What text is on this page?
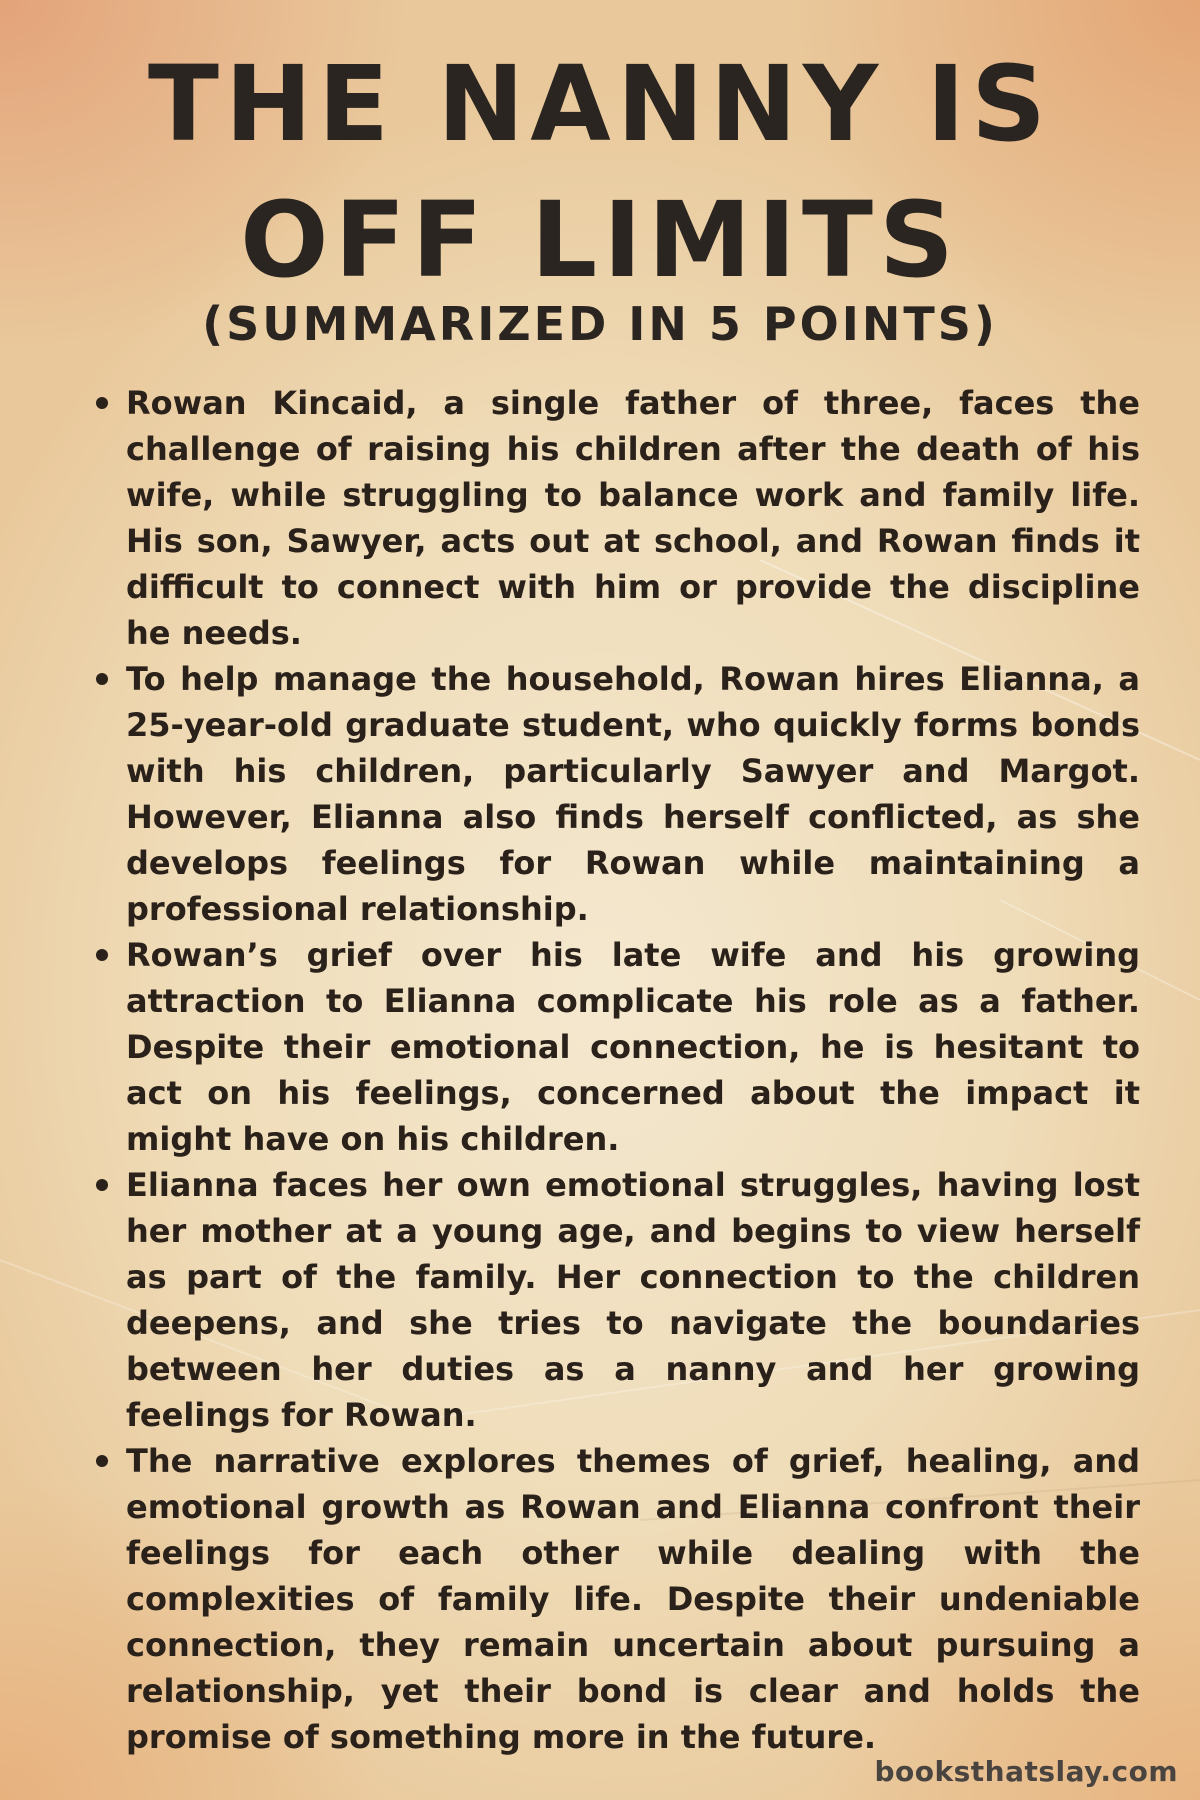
THE NANNY IS
OFF LIMITS
(SUMMARIZED IN 5 POINTS)
Rowan Kincaid, a single father of three, faces the challenge of raising his children after the death of his wife, while struggling to balance work and family life. His son, Sawyer, acts out at school, and Rowan finds it difficult to connect with him or provide the discipline he needs.
To help manage the household, Rowan hires Elianna, a 25-year-old graduate student, who quickly forms bonds with his children, particularly Sawyer and Margot. However, Elianna also finds herself conflicted, as she develops feelings for Rowan while maintaining a professional relationship.
Rowan’s grief over his late wife and his growing attraction to Elianna complicate his role as a father. Despite their emotional connection, he is hesitant to act on his feelings, concerned about the impact it might have on his children.
Elianna faces her own emotional struggles, having lost her mother at a young age, and begins to view herself as part of the family. Her connection to the children deepens, and she tries to navigate the boundaries between her duties as a nanny and her growing feelings for Rowan.
The narrative explores themes of grief, healing, and emotional growth as Rowan and Elianna confront their feelings for each other while dealing with the complexities of family life. Despite their undeniable connection, they remain uncertain about pursuing a relationship, yet their bond is clear and holds the promise of something more in the future.
booksthatslay.com
